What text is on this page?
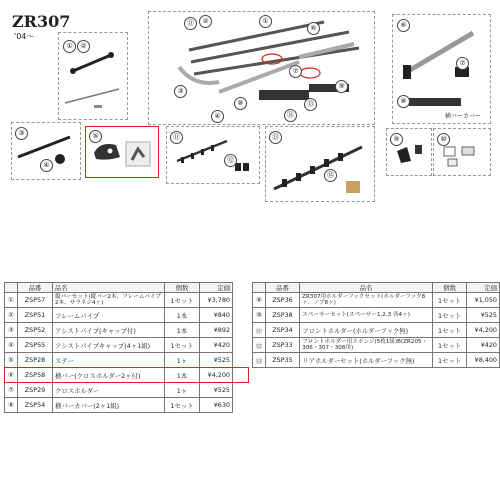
ZR307
'04〜
①	②
⑪	②	①
⑥
⑦
⑧
③
④
⑨
⑬
⑭
⑥
⑦
⑧
横バーカバー
③
④
⑤	⑪
⑫
⑬
⑭
⑨	⑩
	品番	品名	個数	定価
①	ZSP57	縦バーセット(縦バー2本、フレームパイプ2本、サラネジ4ヶ)	1セット	¥3,780
②	ZSP51	フレームパイプ	1本	¥840
③	ZSP52	アシストパイプ(キャップ付)	1本	¥892
④	ZSP55	アシストパイプキャップ(4ヶ1組)	1セット	¥420
⑤	ZSP28	ステー	1ヶ	¥525
⑥	ZSP58	横バー(クロスホルダー2ヶ付)	1本	¥4,200
⑦	ZSP29	クロスホルダー	1ヶ	¥525
⑧	ZSP54	横バーカバー(2ヶ1組)	1セット	¥630
	品番	品名	個数	定価
⑨	ZSP36	ZR307用ホルダーフックセット(ホルダーフック8ヶ、ノブ8ヶ)	1セット	¥1,050
⑩	ZSP38	スペーサーセット(スペーサー1,2,3 各4ヶ)	1セット	¥525
⑪	ZSP34	フロントホルダー(ホルダーフック無)	1セット	¥4,200
⑫	ZSP33	フロントホルダー用スポンジ(5枚1組)B(ZR205・306・307・308用)	1セット	¥420
⑬	ZSP35	リアホルダーセット(ホルダーフック無)	1セット	¥8,400
